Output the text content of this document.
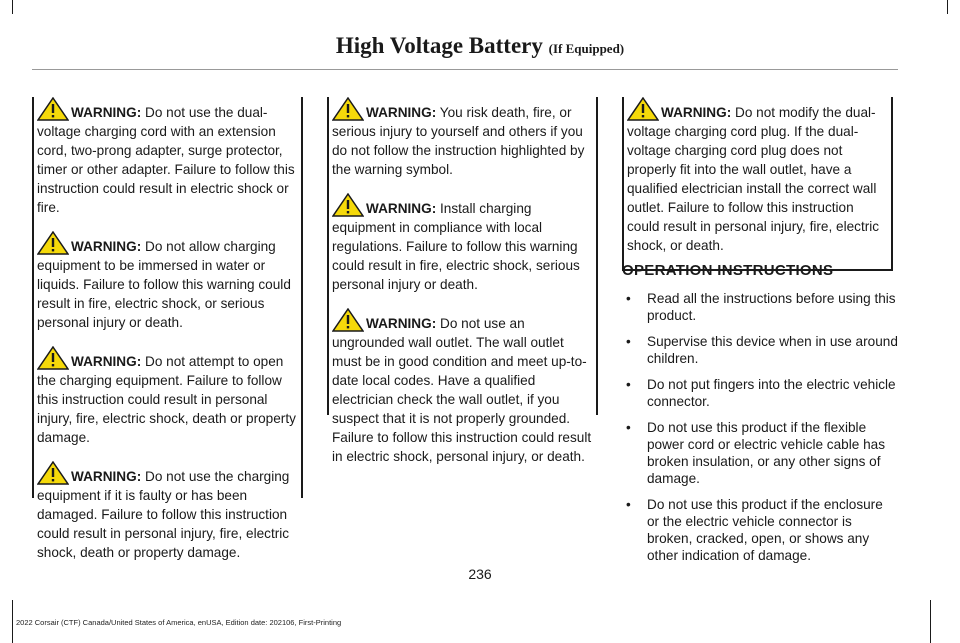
High Voltage Battery (If Equipped)

WARNING: Do not use the dual-voltage charging cord with an extension cord, two-prong adapter, surge protector, timer or other adapter. Failure to follow this instruction could result in electric shock or fire.

WARNING: Do not allow charging equipment to be immersed in water or liquids. Failure to follow this warning could result in fire, electric shock, or serious personal injury or death.

WARNING: Do not attempt to open the charging equipment. Failure to follow this instruction could result in personal injury, fire, electric shock, death or property damage.

WARNING: Do not use the charging equipment if it is faulty or has been damaged. Failure to follow this instruction could result in personal injury, fire, electric shock, death or property damage.

WARNING: You risk death, fire, or serious injury to yourself and others if you do not follow the instruction highlighted by the warning symbol.

WARNING: Install charging equipment in compliance with local regulations. Failure to follow this warning could result in fire, electric shock, serious personal injury or death.

WARNING: Do not use an ungrounded wall outlet. The wall outlet must be in good condition and meet up-to-date local codes. Have a qualified electrician check the wall outlet, if you suspect that it is not properly grounded. Failure to follow this instruction could result in electric shock, personal injury, or death.

WARNING: Do not modify the dual-voltage charging cord plug. If the dual-voltage charging cord plug does not properly fit into the wall outlet, have a qualified electrician install the correct wall outlet. Failure to follow this instruction could result in personal injury, fire, electric shock, or death.

OPERATION INSTRUCTIONS
• Read all the instructions before using this product.
• Supervise this device when in use around children.
• Do not put fingers into the electric vehicle connector.
• Do not use this product if the flexible power cord or electric vehicle cable has broken insulation, or any other signs of damage.
• Do not use this product if the enclosure or the electric vehicle connector is broken, cracked, open, or shows any other indication of damage.
236
2022 Corsair (CTF) Canada/United States of America, enUSA, Edition date: 202106, First-Printing
